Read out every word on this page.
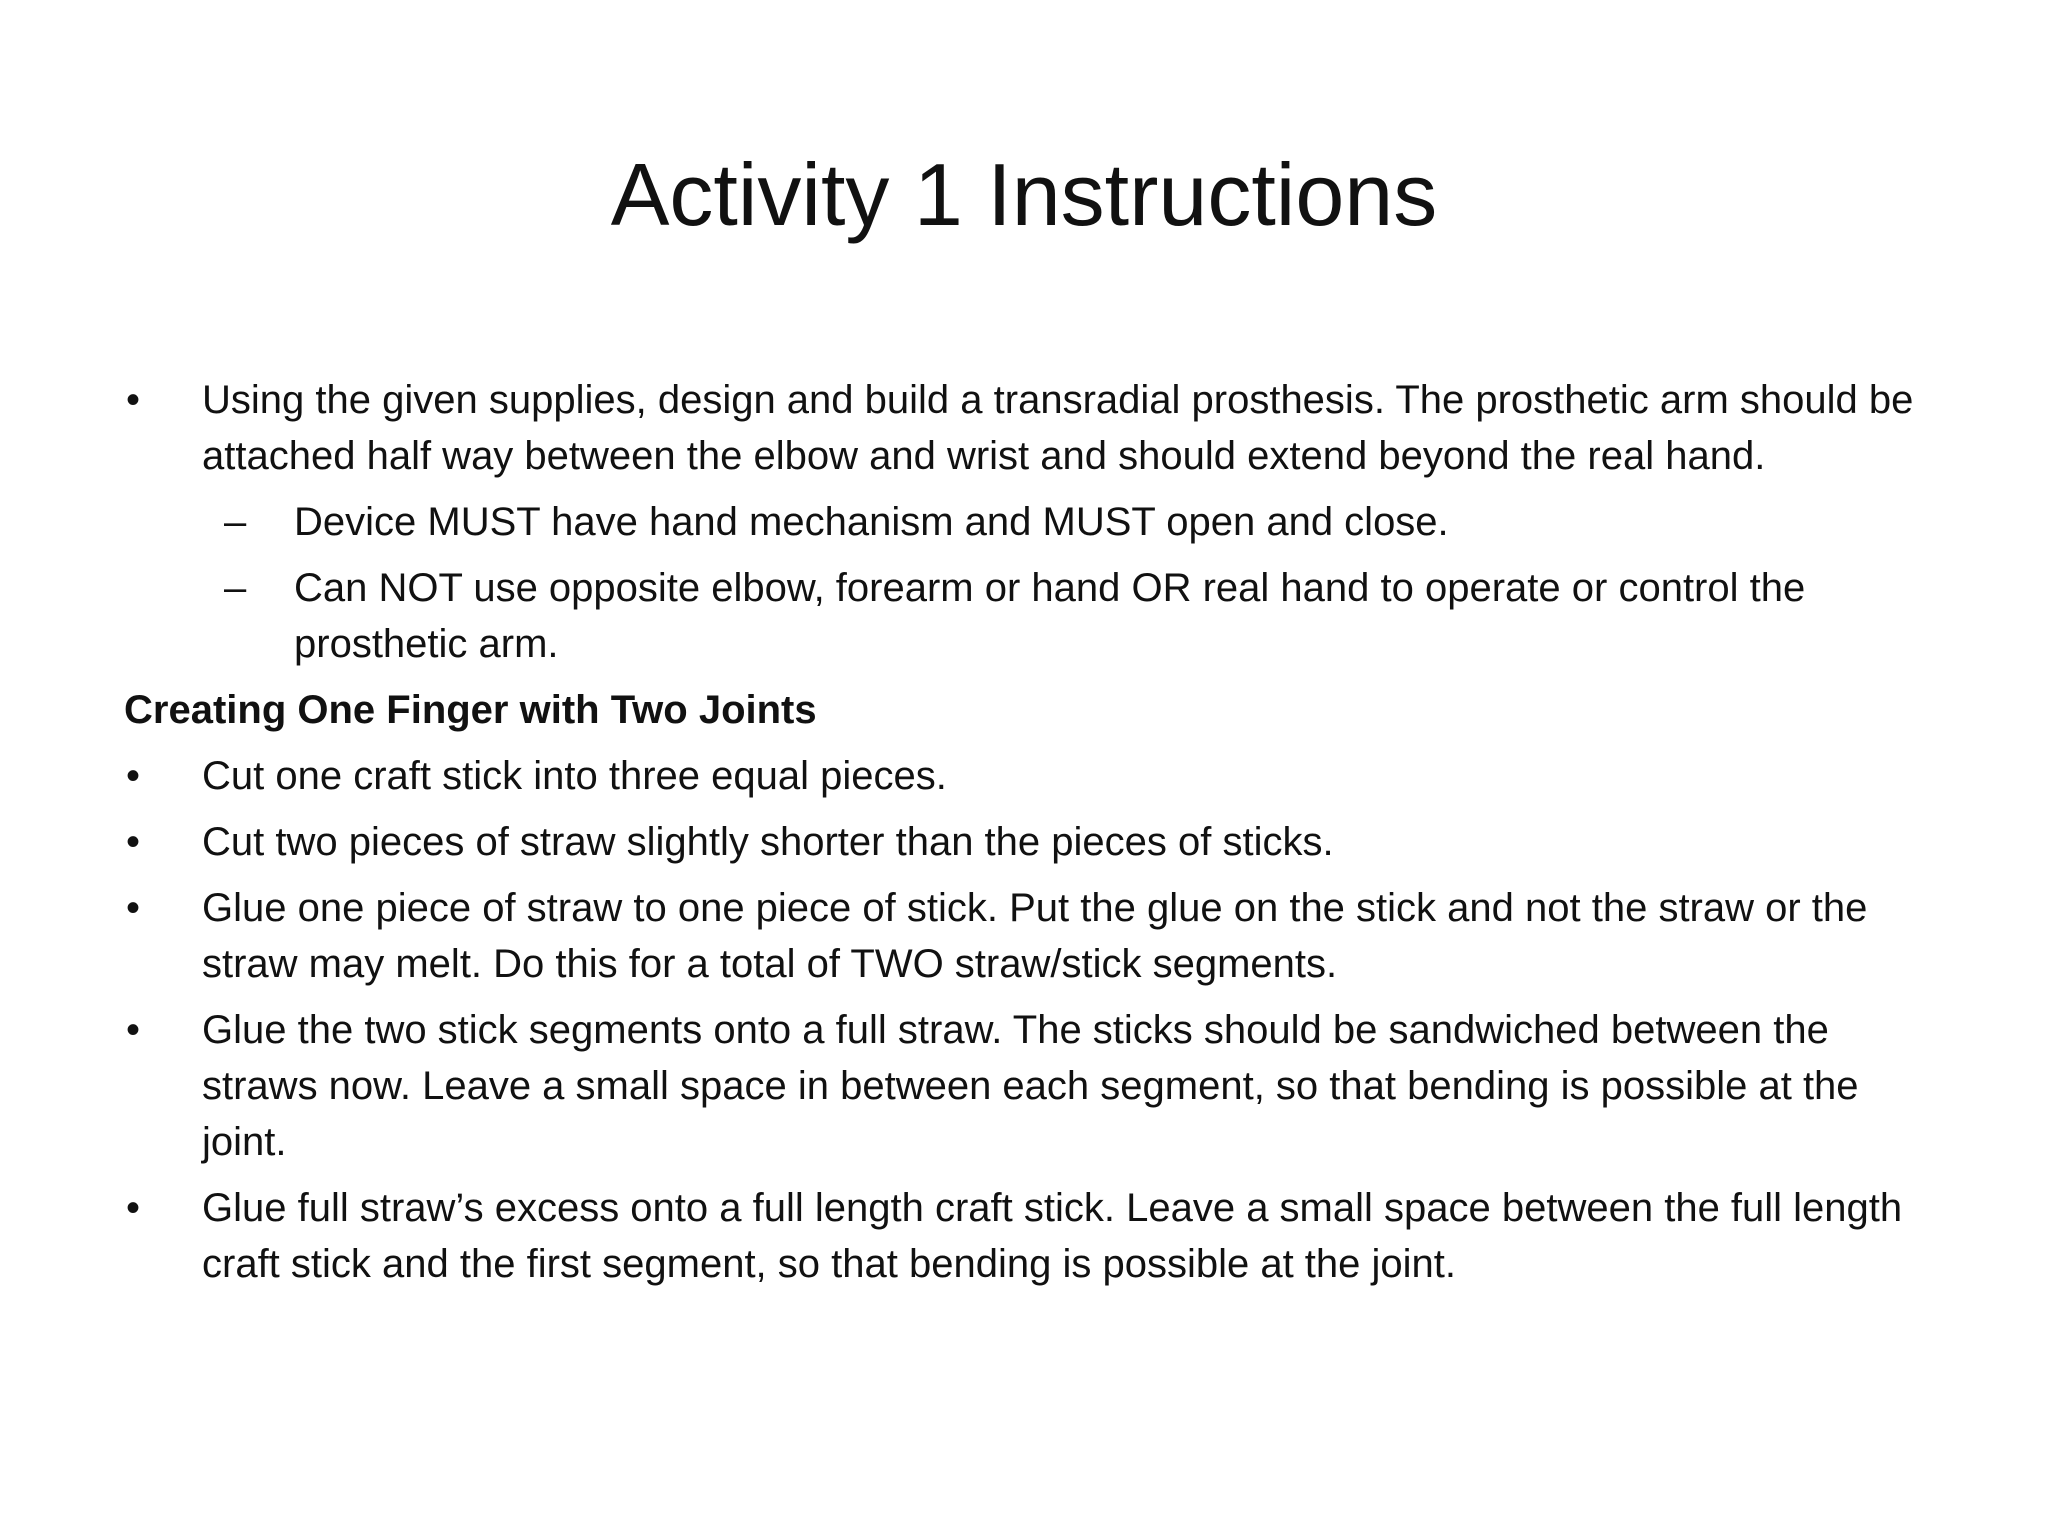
Activity 1 Instructions
•	Using the given supplies, design and build a transradial prosthesis. The prosthetic arm should be attached half way between the elbow and wrist and should extend beyond the real hand.
– Device MUST have hand mechanism and MUST open and close.
– Can NOT use opposite elbow, forearm or hand OR real hand to operate or control the prosthetic arm.
Creating One Finger with Two Joints
•	Cut one craft stick into three equal pieces.
•	Cut two pieces of straw slightly shorter than the pieces of sticks.
•	Glue one piece of straw to one piece of stick. Put the glue on the stick and not the straw or the straw may melt. Do this for a total of TWO straw/stick segments.
•	Glue the two stick segments onto a full straw. The sticks should be sandwiched between the straws now. Leave a small space in between each segment, so that bending is possible at the joint.
•	Glue full straw’s excess onto a full length craft stick. Leave a small space between the full length craft stick and the first segment, so that bending is possible at the joint.
